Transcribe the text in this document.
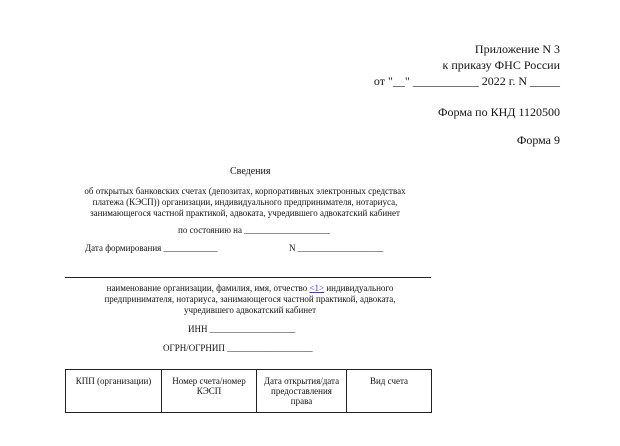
Приложение N 3
к приказу ФНС России
от "__" ___________ 2022 г. N _____
Форма по КНД 1120500
Форма 9
Сведения
об открытых банковских счетах (депозитах, корпоративных электронных средствах
платежа (КЭСП)) организации, индивидуального предпринимателя, нотариуса,
занимающегося частной практикой, адвоката, учредившего адвокатский кабинет
по состоянию на ___________________
Дата формирования ____________	N ___________________
наименование организации, фамилия, имя, отчество <1> индивидуального
предпринимателя, нотариуса, занимающегося частной практикой, адвоката,
учредившего адвокатский кабинет
ИНН ___________________
ОГРН/ОГРНИП ___________________
КПП (организации)	Номер счета/номер КЭСП	Дата открытия/дата предоставления права	Вид счета
